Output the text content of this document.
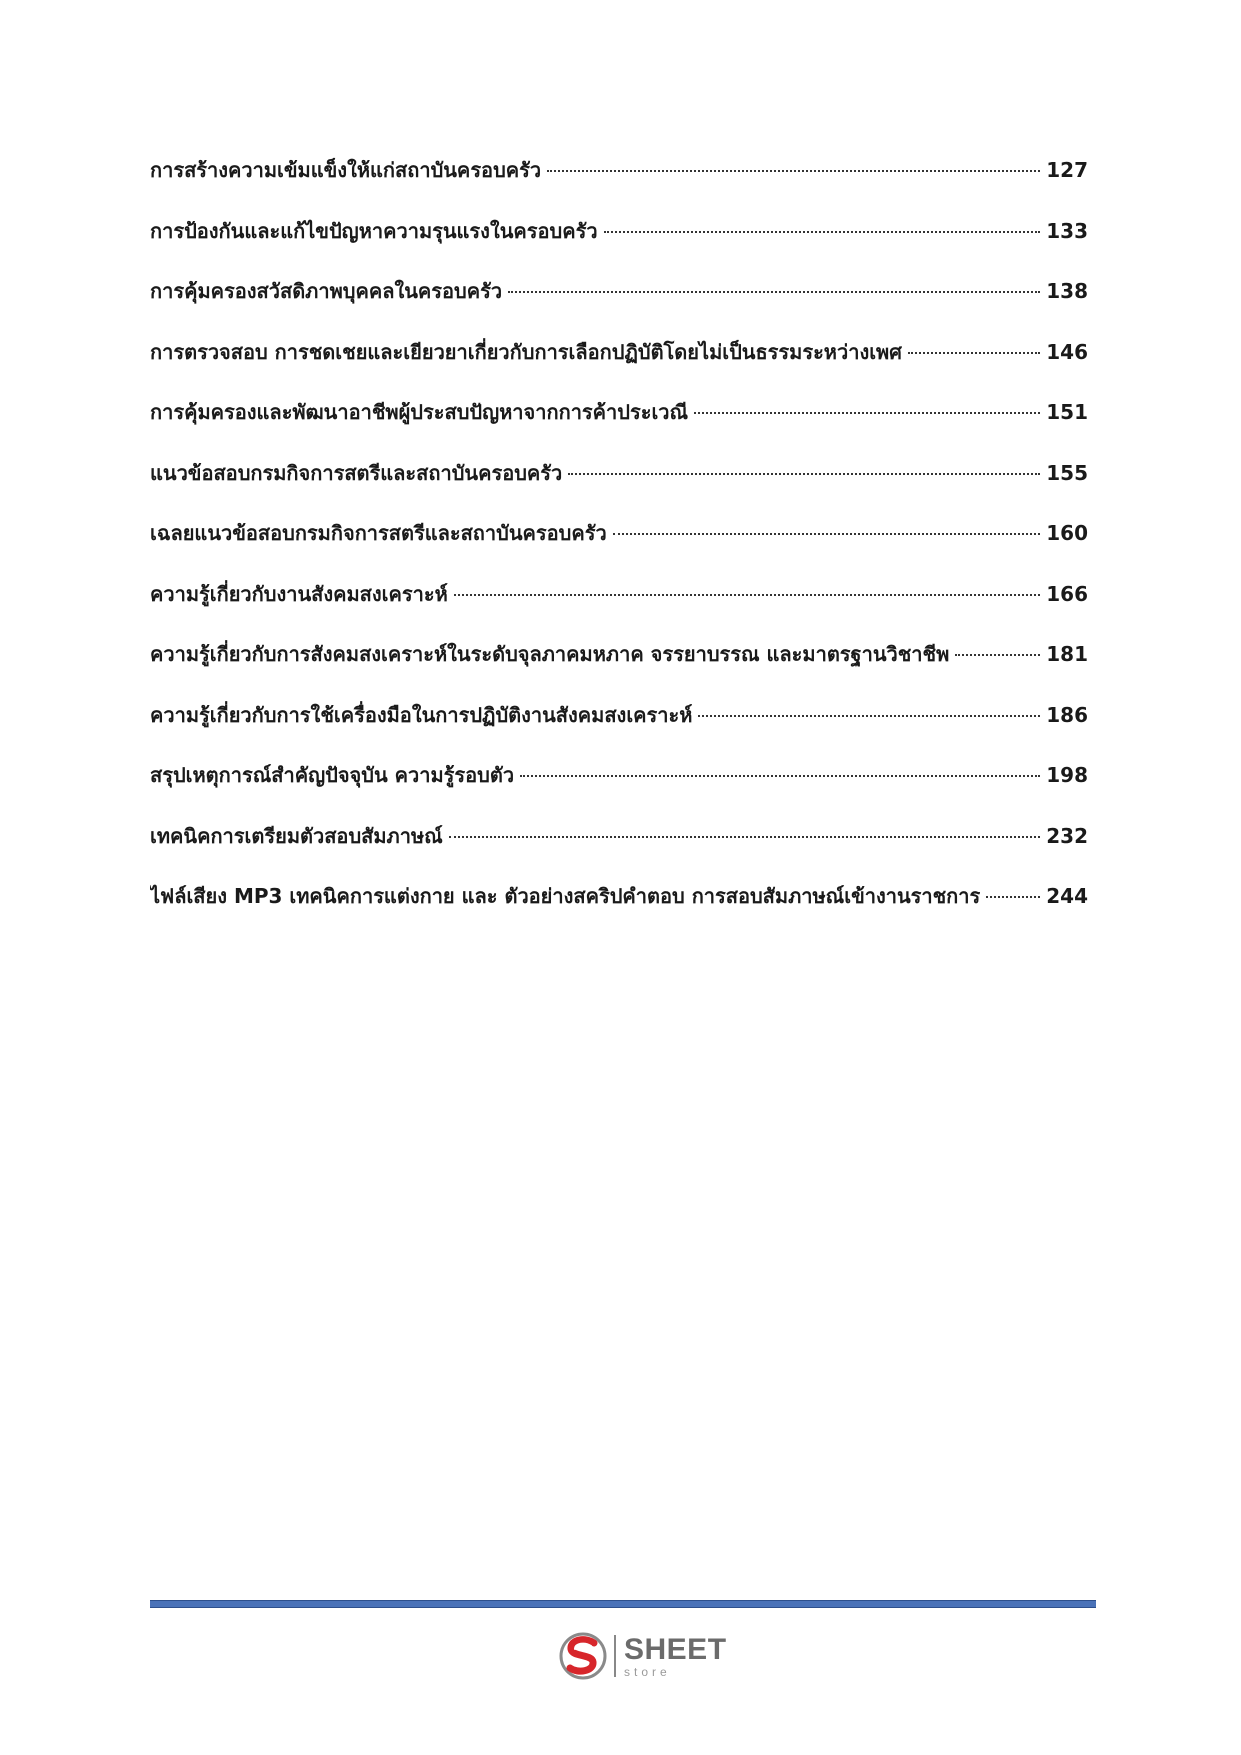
การสร้างความเข้มแข็งให้แก่สถาบันครอบครัว	127
การป้องกันและแก้ไขปัญหาความรุนแรงในครอบครัว	133
การคุ้มครองสวัสดิภาพบุคคลในครอบครัว	138
การตรวจสอบ การชดเชยและเยียวยาเกี่ยวกับการเลือกปฏิบัติโดยไม่เป็นธรรมระหว่างเพศ	146
การคุ้มครองและพัฒนาอาชีพผู้ประสบปัญหาจากการค้าประเวณี	151
แนวข้อสอบกรมกิจการสตรีและสถาบันครอบครัว	155
เฉลยแนวข้อสอบกรมกิจการสตรีและสถาบันครอบครัว	160
ความรู้เกี่ยวกับงานสังคมสงเคราะห์	166
ความรู้เกี่ยวกับการสังคมสงเคราะห์ในระดับจุลภาคมหภาค จรรยาบรรณ และมาตรฐานวิชาชีพ	181
ความรู้เกี่ยวกับการใช้เครื่องมือในการปฏิบัติงานสังคมสงเคราะห์	186
สรุปเหตุการณ์สำคัญปัจจุบัน ความรู้รอบตัว	198
เทคนิคการเตรียมตัวสอบสัมภาษณ์	232
ไฟล์เสียง MP3 เทคนิคการแต่งกาย และ ตัวอย่างสคริปคำตอบ การสอบสัมภาษณ์เข้างานราชการ	244
SHEET
store
